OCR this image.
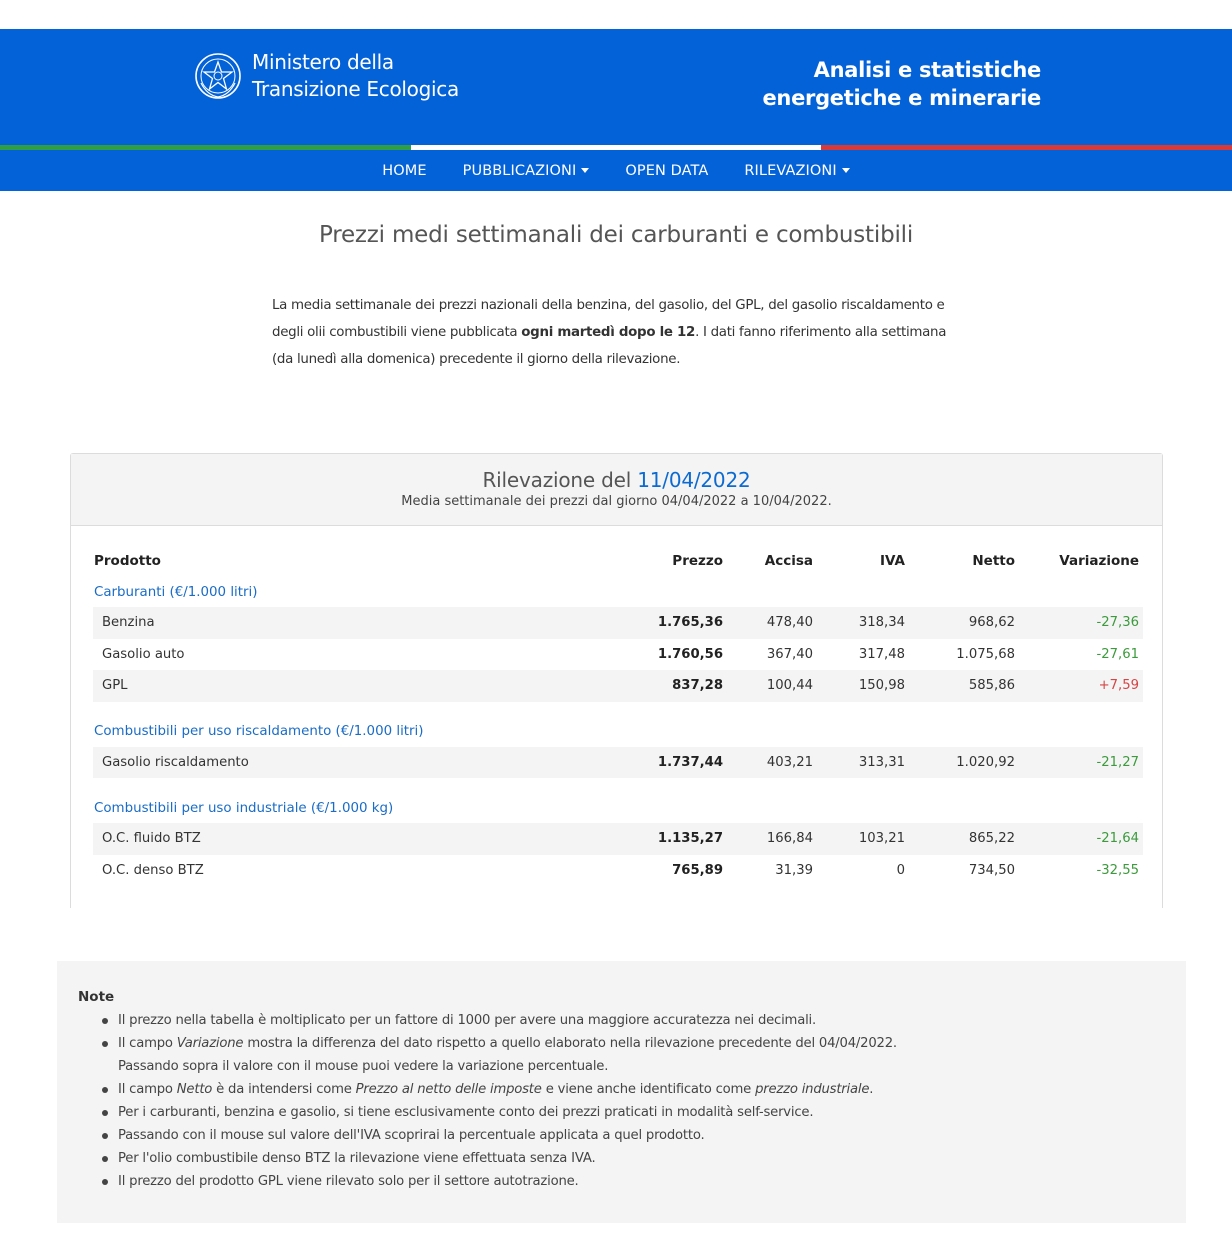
Ministero della
Transizione Ecologica
Analisi e statistiche
energetiche e minerarie
HOME PUBBLICAZIONI	OPEN DATA RILEVAZIONI
Prezzi medi settimanali dei carburanti e combustibili

La media settimanale dei prezzi nazionali della benzina, del gasolio, del GPL, del gasolio riscaldamento e degli olii combustibili viene pubblicata ogni martedì dopo le 12. I dati fanno riferimento alla settimana (da lunedì alla domenica) precedente il giorno della rilevazione.

Rilevazione del 11/04/2022
Media settimanale dei prezzi dal giorno 04/04/2022 a 10/04/2022.
Prodotto	Prezzo	Accisa	IVA	Netto	Variazione
Carburanti (€/1.000 litri)					
Benzina	1.765,36	478,40	318,34	968,62	-27,36
Gasolio auto	1.760,56	367,40	317,48	1.075,68	-27,61
GPL	837,28	100,44	150,98	585,86	+7,59

Combustibili per uso riscaldamento (€/1.000 litri)					
Gasolio riscaldamento	1.737,44	403,21	313,31	1.020,92	-21,27

Combustibili per uso industriale (€/1.000 kg)					
O.C. fluido BTZ	1.135,27	166,84	103,21	865,22	-21,64
O.C. denso BTZ	765,89	31,39	0	734,50	-32,55
Note
Il prezzo nella tabella è moltiplicato per un fattore di 1000 per avere una maggiore accuratezza nei decimali.
Il campo Variazione mostra la differenza del dato rispetto a quello elaborato nella rilevazione precedente del 04/04/2022.
Passando sopra il valore con il mouse puoi vedere la variazione percentuale.
Il campo Netto è da intendersi come Prezzo al netto delle imposte e viene anche identificato come prezzo industriale.
Per i carburanti, benzina e gasolio, si tiene esclusivamente conto dei prezzi praticati in modalità self-service.
Passando con il mouse sul valore dell'IVA scoprirai la percentuale applicata a quel prodotto.
Per l'olio combustibile denso BTZ la rilevazione viene effettuata senza IVA.
Il prezzo del prodotto GPL viene rilevato solo per il settore autotrazione.
